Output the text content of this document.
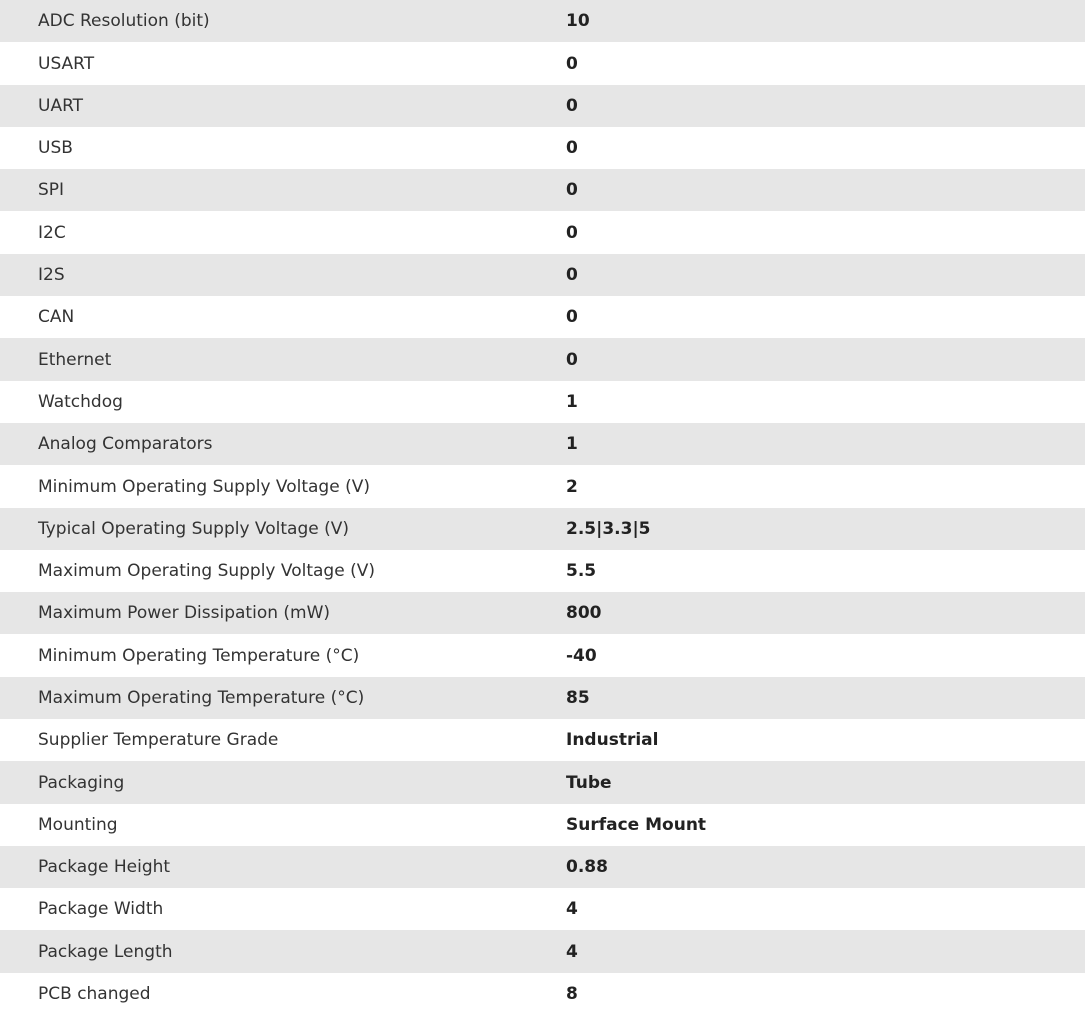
ADC Resolution (bit)	10
USART	0
UART	0
USB	0
SPI	0
I2C	0
I2S	0
CAN	0
Ethernet	0
Watchdog	1
Analog Comparators	1
Minimum Operating Supply Voltage (V)	2
Typical Operating Supply Voltage (V)	2.5|3.3|5
Maximum Operating Supply Voltage (V)	5.5
Maximum Power Dissipation (mW)	800
Minimum Operating Temperature (°C)	-40
Maximum Operating Temperature (°C)	85
Supplier Temperature Grade	Industrial
Packaging	Tube
Mounting	Surface Mount
Package Height	0.88
Package Width	4
Package Length	4
PCB changed	8
